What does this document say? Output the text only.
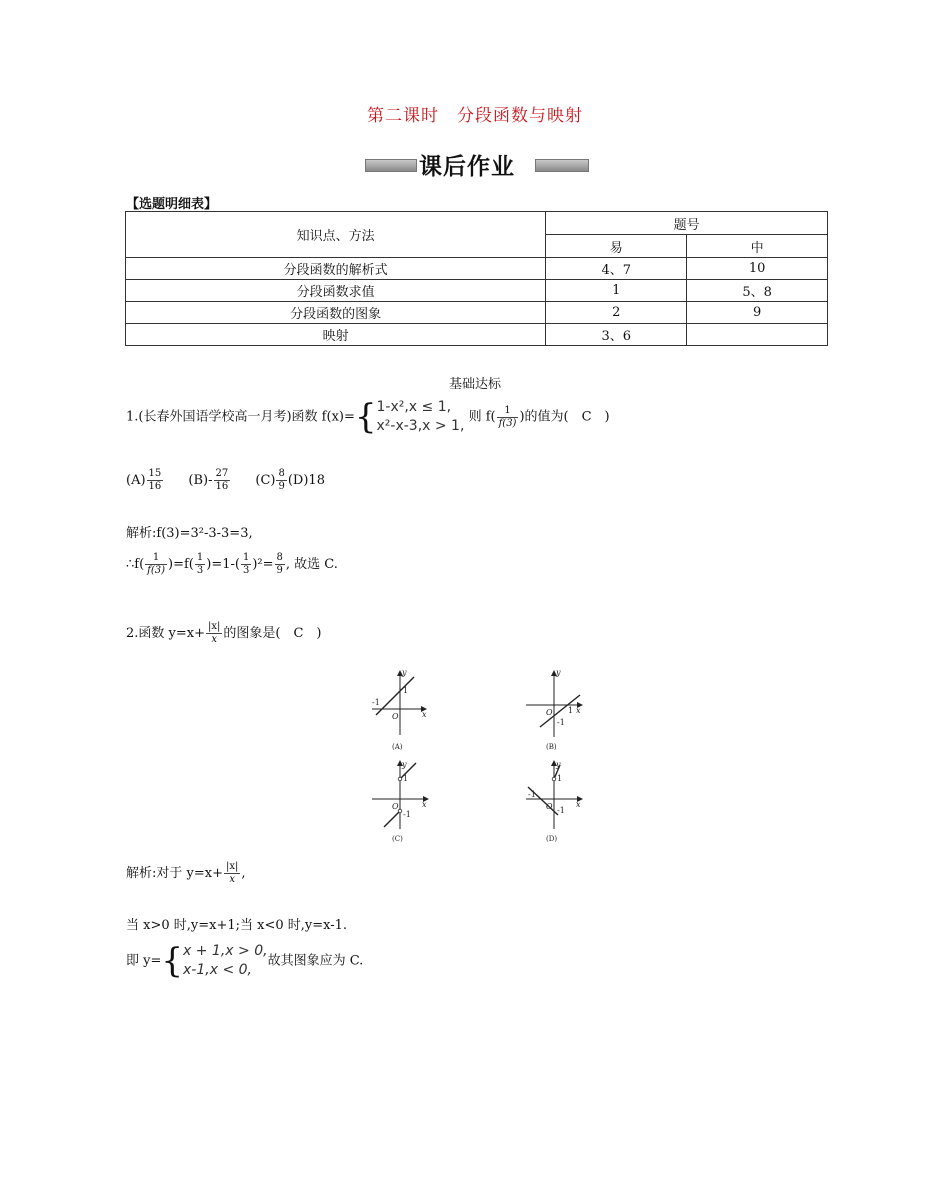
第二课时　分段函数与映射
课后作业
【选题明细表】
知识点、方法	题号	
	易	中
分段函数的解析式	4、7	10
分段函数求值	1	5、8
分段函数的图象	2	9
映射	3、6	
基础达标
1.(长春外国语学校高一月考)函数 f(x)={ 1-x²,x ≤ 1,
x²-x-3,x > 1,
则 $f( \frac{1}{f(3)}$ )的值为(　C　)
$(A) \frac{15}{16} (B)- \frac{27}{16} (C) \frac{8}{9} (D)18$
解析:f(3)=3²-3-3=3,
∴f( $\frac{1}{f(3)} )=f( \frac{1}{3} )=1-( \frac{1}{3} )^2= \frac{8}{9}$ , 故选 C.
2.函数 $y=x+ \frac{|x|}{x}$ 的图象是(　C　)
y
x
O
-1
1
(A)
y
x
O 1
-1
(B)
y
x
O
1
-1
(C)
y
x
O
-1
1
-1
(D)
解析:对于 $y=x+ \frac{|x|}{x}$ ,
当 x>0 时,y=x+1;当 x<0 时,y=x-1.
即 y={ x + 1,x > 0,
x-1,x < 0,
故其图象应为 C.
